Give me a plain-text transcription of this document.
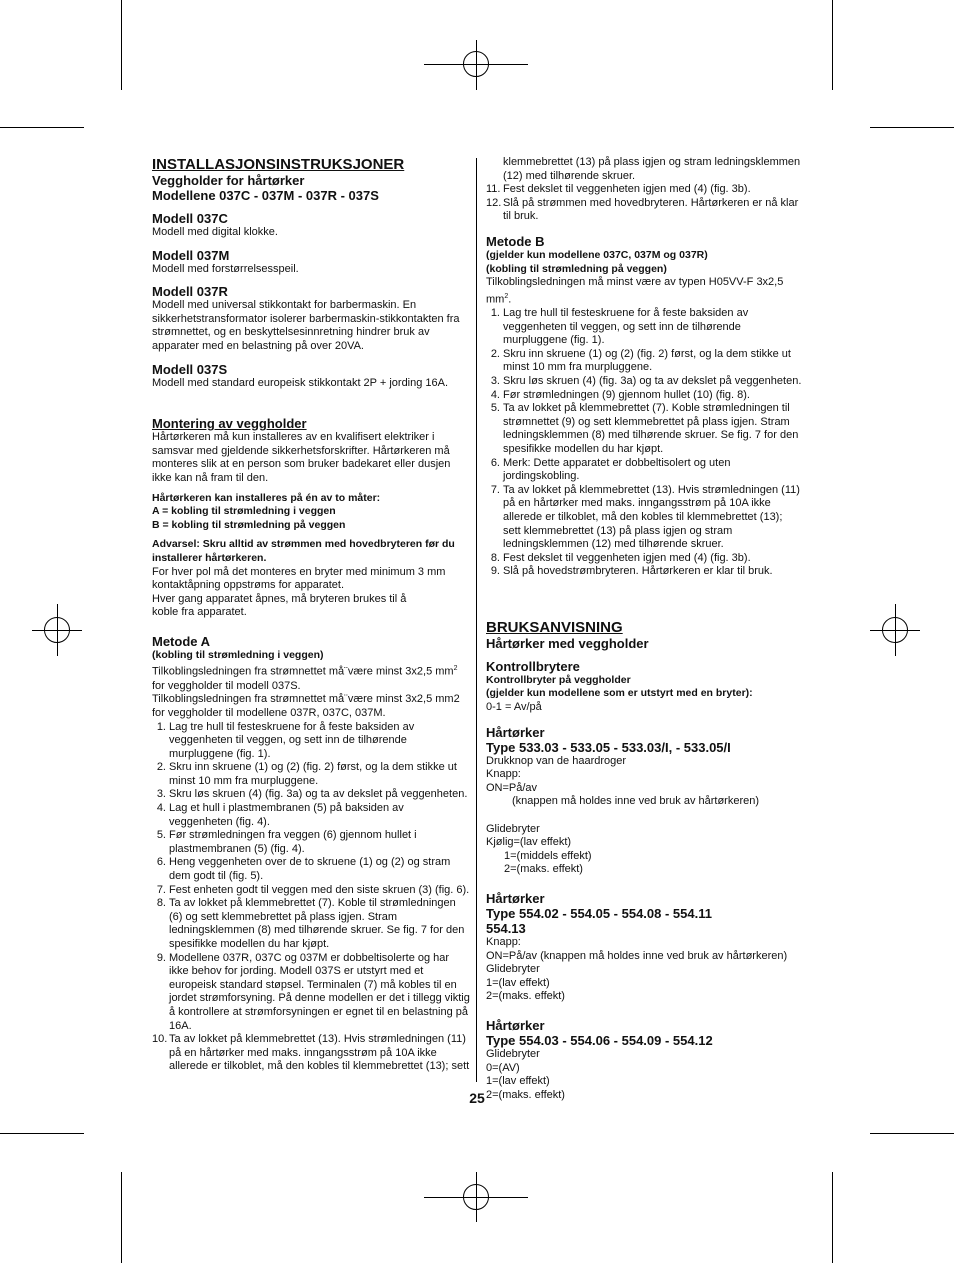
INSTALLASJONSINSTRUKSJONER

Veggholder for hårtørker

Modellene 037C - 037M - 037R - 037S

Modell 037C

Modell med digital klokke.

Modell 037M

Modell med forstørrelsesspeil.

Modell 037R

Modell med universal stikkontakt for barbermaskin. En sikkerhetstransformator isolerer barbermaskin-stikkontakten fra strømnettet, og en beskyttelsesinnretning hindrer bruk av apparater med en belastning på over 20VA.

Modell 037S

Modell med standard europeisk stikkontakt 2P + jording 16A.

Montering av veggholder

Hårtørkeren må kun installeres av en kvalifisert elektriker i samsvar med gjeldende sikkerhetsforskrifter. Hårtørkeren må monteres slik at en person som bruker badekaret eller dusjen ikke kan nå fram til den.

Hårtørkeren kan installeres på én av to måter:

A = kobling til strømledning i veggen

B = kobling til strømledning på veggen

Advarsel: Skru alltid av strømmen med hovedbryteren før du installerer hårtørkeren.

For hver pol må det monteres en bryter med minimum 3 mm kontaktåpning oppstrøms for apparatet.

Hver gang apparatet åpnes, må bryteren brukes til å

koble fra apparatet.

Metode A

(kobling til strømledning i veggen)

Tilkoblingsledningen fra strømnettet må¨være minst 3x2,5 $mm^2$

for veggholder til modell 037S.

Tilkoblingsledningen fra strømnettet må¨være minst 3x2,5 mm2 for veggholder til modellene 037R, 037C, 037M.

1. Lag tre hull til festeskruene for å feste baksiden av veggenheten til veggen, og sett inn de tilhørende murpluggene (fig. 1).
2. Skru inn skruene (1) og (2) (fig. 2) først, og la dem stikke ut minst 10 mm fra murpluggene.
3. Skru løs skruen (4) (fig. 3a) og ta av dekslet på veggenheten.
4. Lag et hull i plastmembranen (5) på baksiden av veggenheten (fig. 4).
5. Før strømledningen fra veggen (6) gjennom hullet i plastmembranen (5) (fig. 4).
6. Heng veggenheten over de to skruene (1) og (2) og stram dem godt til (fig. 5).
7. Fest enheten godt til veggen med den siste skruen (3) (fig. 6).
8. Ta av lokket på klemmebrettet (7). Koble til strømledningen (6) og sett klemmebrettet på plass igjen. Stram ledningsklemmen (8) med tilhørende skruer. Se fig. 7 for den spesifikke modellen du har kjøpt.
9. Modellene 037R, 037C og 037M er dobbeltisolerte og har ikke behov for jording. Modell 037S er utstyrt med et europeisk standard støpsel. Terminalen (7) må kobles til en jordet strømforsyning. På denne modellen er det i tillegg viktig å kontrollere at strømforsyningen er egnet til en belastning på 16A.
10. Ta av lokket på klemmebrettet (13). Hvis strømledningen (11) på en hårtørker med maks. inngangsstrøm på 10A ikke allerede er tilkoblet, må den kobles til klemmebrettet (13); sett

klemmebrettet (13) på plass igjen og stram ledningsklemmen (12) med tilhørende skruer.

11. Fest dekslet til veggenheten igjen med (4) (fig. 3b).
12. Slå på strømmen med hovedbryteren. Hårtørkeren er nå klar til bruk.

Metode B

(gjelder kun modellene 037C, 037M og 037R)

(kobling til strømledning på veggen)

Tilkoblingsledningen må minst være av typen H05VV-F 3x2,5 $mm^2$.

1. Lag tre hull til festeskruene for å feste baksiden av veggenheten til veggen, og sett inn de tilhørende murpluggene (fig. 1).
2. Skru inn skruene (1) og (2) (fig. 2) først, og la dem stikke ut minst 10 mm fra murpluggene.
3. Skru løs skruen (4) (fig. 3a) og ta av dekslet på veggenheten.
4. Før strømledningen (9) gjennom hullet (10) (fig. 8).
5. Ta av lokket på klemmebrettet (7). Koble strømledningen til strømnettet (9) og sett klemmebrettet på plass igjen. Stram ledningsklemmen (8) med tilhørende skruer. Se fig. 7 for den spesifikke modellen du har kjøpt.
6. Merk: Dette apparatet er dobbeltisolert og uten jordingskobling.
7. Ta av lokket på klemmebrettet (13). Hvis strømledningen (11) på en hårtørker med maks. inngangsstrøm på 10A ikke allerede er tilkoblet, må den kobles til klemmebrettet (13); sett klemmebrettet (13) på plass igjen og stram ledningsklemmen (12) med tilhørende skruer.
8. Fest dekslet til veggenheten igjen med (4) (fig. 3b).
9. Slå på hovedstrømbryteren. Hårtørkeren er klar til bruk.

BRUKSANVISNING

Hårtørker med veggholder

Kontrollbrytere

Kontrollbryter på veggholder

(gjelder kun modellene som er utstyrt med en bryter):

0-1 = Av/på

Hårtørker

Type 533.03 - 533.05 - 533.03/I, - 533.05/I

Drukknop van de haardroger

Knapp:

ON=På/av

(knappen må holdes inne ved bruk av hårtørkeren)

Glidebryter

Kjølig=(lav effekt)

1=(middels effekt)

2=(maks. effekt)

Hårtørker

Type 554.02 - 554.05 - 554.08 - 554.11

554.13

Knapp:

ON=På/av (knappen må holdes inne ved bruk av hårtørkeren)

Glidebryter

1=(lav effekt)

2=(maks. effekt)

Hårtørker

Type 554.03 - 554.06 - 554.09 - 554.12

Glidebryter

0=(AV)

1=(lav effekt)

2=(maks. effekt)

25
